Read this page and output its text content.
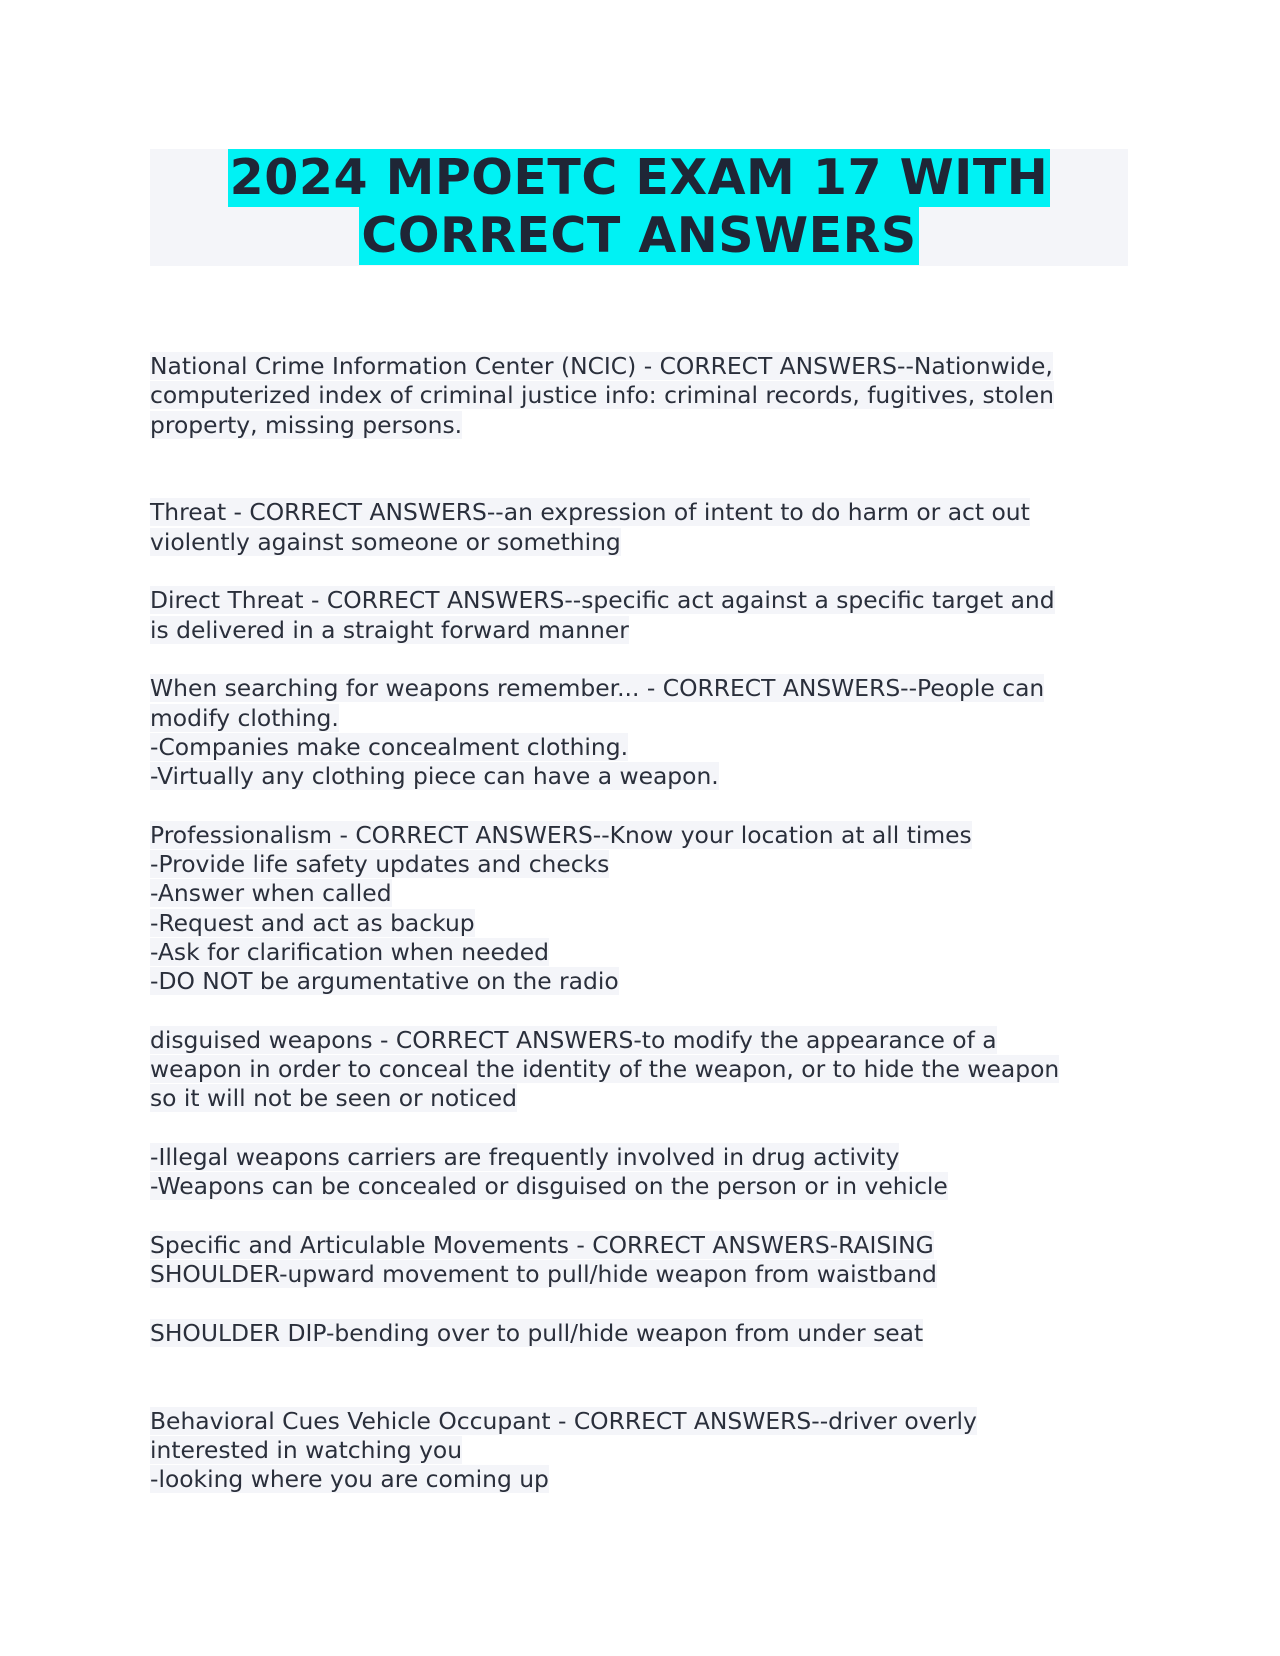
2024 MPOETC EXAM 17 WITH
CORRECT ANSWERS
National Crime Information Center (NCIC) - CORRECT ANSWERS--Nationwide,
computerized index of criminal justice info: criminal records, fugitives, stolen
property, missing persons.
Threat - CORRECT ANSWERS--an expression of intent to do harm or act out
violently against someone or something
Direct Threat - CORRECT ANSWERS--specific act against a specific target and
is delivered in a straight forward manner
When searching for weapons remember... - CORRECT ANSWERS--People can
modify clothing.
-Companies make concealment clothing.
-Virtually any clothing piece can have a weapon.
Professionalism - CORRECT ANSWERS--Know your location at all times
-Provide life safety updates and checks
-Answer when called
-Request and act as backup
-Ask for clarification when needed
-DO NOT be argumentative on the radio
disguised weapons - CORRECT ANSWERS-to modify the appearance of a
weapon in order to conceal the identity of the weapon, or to hide the weapon
so it will not be seen or noticed
-Illegal weapons carriers are frequently involved in drug activity
-Weapons can be concealed or disguised on the person or in vehicle
Specific and Articulable Movements - CORRECT ANSWERS-RAISING
SHOULDER-upward movement to pull/hide weapon from waistband
SHOULDER DIP-bending over to pull/hide weapon from under seat
Behavioral Cues Vehicle Occupant - CORRECT ANSWERS--driver overly
interested in watching you
-looking where you are coming up
